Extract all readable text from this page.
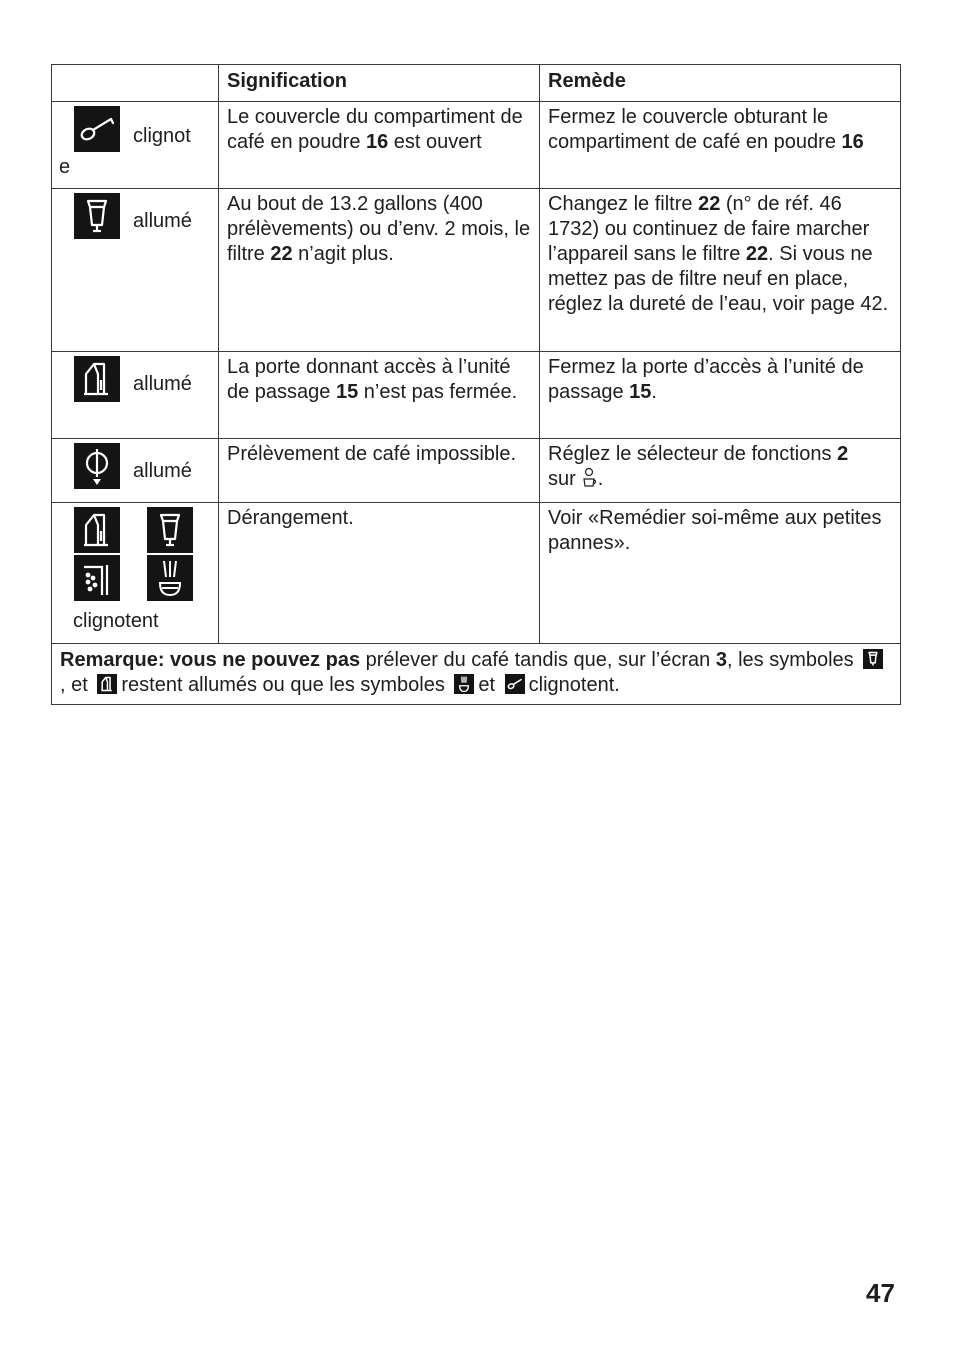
	Signification	Remède

clignot
e	Le couvercle du compartiment de café en poudre 16 est ouvert	Fermez le couvercle obturant le compartiment de café en poudre 16

allumé	Au bout de 13.2 gallons (400 prélèvements) ou d’env. 2 mois, le filtre 22 n’agit plus.	Changez le filtre 22 (n° de réf. 46 1732) ou continuez de faire marcher l’appareil sans le filtre 22. Si vous ne mettez pas de filtre neuf en place, réglez la dureté de l’eau, voir page 42.

allumé	La porte donnant accès à l’unité de passage 15 n’est pas fermée.	Fermez la porte d’accès à l’unité de passage 15.

allumé	Prélèvement de café impossible.	Réglez le sélecteur de fonctions 2
sur .

clignotent	Dérangement.	Voir «Remédier soi-même aux petites pannes».
Remarque: vous ne pouvez pas prélever du café tandis que, sur l’écran 3, les symboles
, et restent allumés ou que les symboles et clignotent.		
47
